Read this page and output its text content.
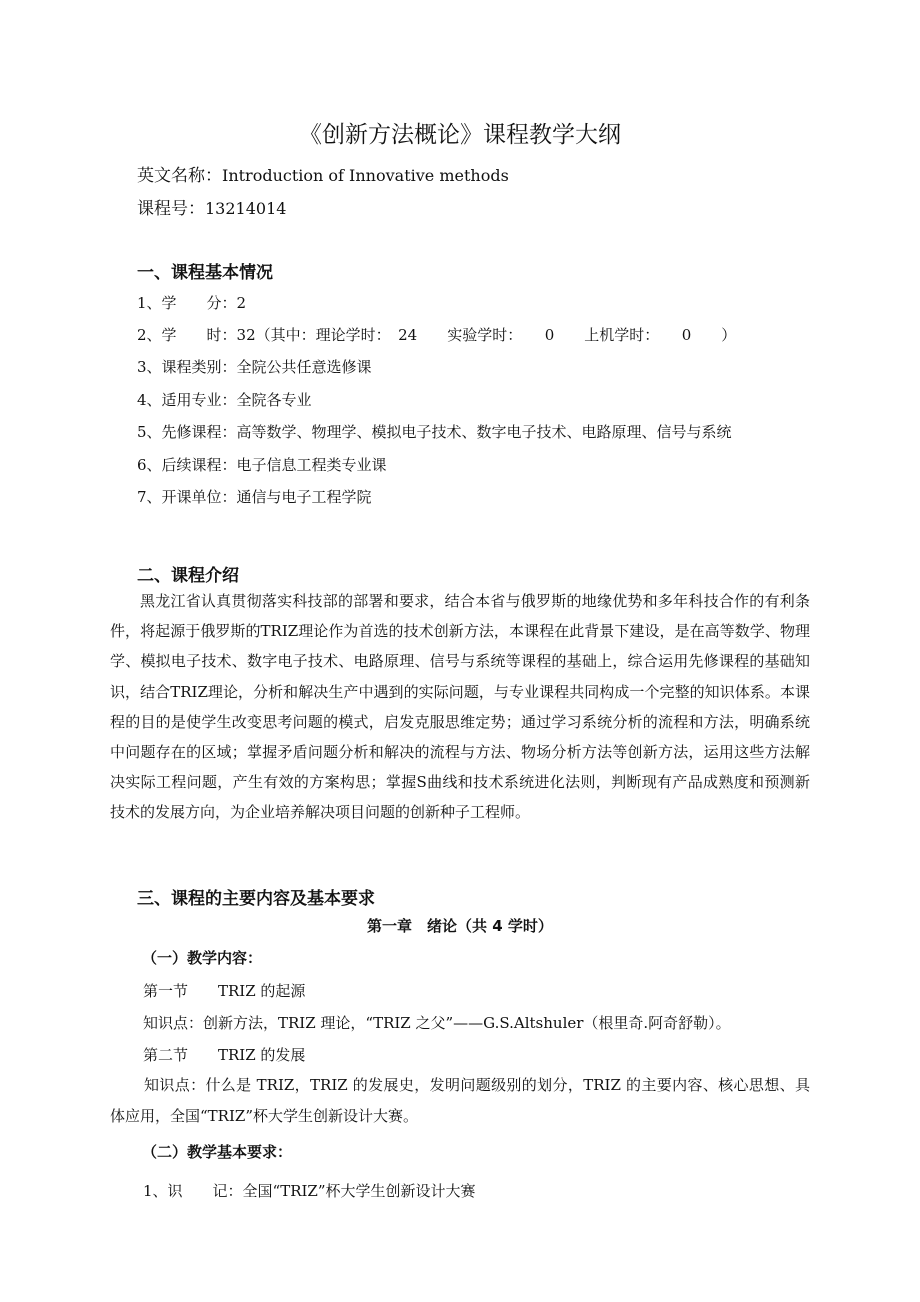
《创新方法概论》课程教学大纲
英文名称：Introduction of Innovative methods
课程号：13214014
一、课程基本情况
1、学　　分：2
2、学　　时：32（其中：理论学时：　24　　实验学时：　　0　　上机学时：　　0　　）
3、课程类别：全院公共任意选修课
4、适用专业：全院各专业
5、先修课程：高等数学、物理学、模拟电子技术、数字电子技术、电路原理、信号与系统
6、后续课程：电子信息工程类专业课
7、开课单位：通信与电子工程学院
二、课程介绍
黑龙江省认真贯彻落实科技部的部署和要求，结合本省与俄罗斯的地缘优势和多年科技合作的有利条件，将起源于俄罗斯的TRIZ理论作为首选的技术创新方法，本课程在此背景下建设，是在高等数学、物理学、模拟电子技术、数字电子技术、电路原理、信号与系统等课程的基础上，综合运用先修课程的基础知识，结合TRIZ理论，分析和解决生产中遇到的实际问题，与专业课程共同构成一个完整的知识体系。本课程的目的是使学生改变思考问题的模式，启发克服思维定势；通过学习系统分析的流程和方法，明确系统中问题存在的区域；掌握矛盾问题分析和解决的流程与方法、物场分析方法等创新方法，运用这些方法解决实际工程问题，产生有效的方案构思；掌握S曲线和技术系统进化法则，判断现有产品成熟度和预测新技术的发展方向，为企业培养解决项目问题的创新种子工程师。
三、课程的主要内容及基本要求
第一章　绪论（共 4 学时）
（一）教学内容：
第一节　　TRIZ 的起源
知识点：创新方法，TRIZ 理论，“TRIZ 之父”——G.S.Altshuler（根里奇.阿奇舒勒）。
第二节　　TRIZ 的发展
知识点：什么是 TRIZ，TRIZ 的发展史，发明问题级别的划分，TRIZ 的主要内容、核心思想、具体应用，全国“TRIZ”杯大学生创新设计大赛。
（二）教学基本要求：
1、识　　记：全国“TRIZ”杯大学生创新设计大赛
